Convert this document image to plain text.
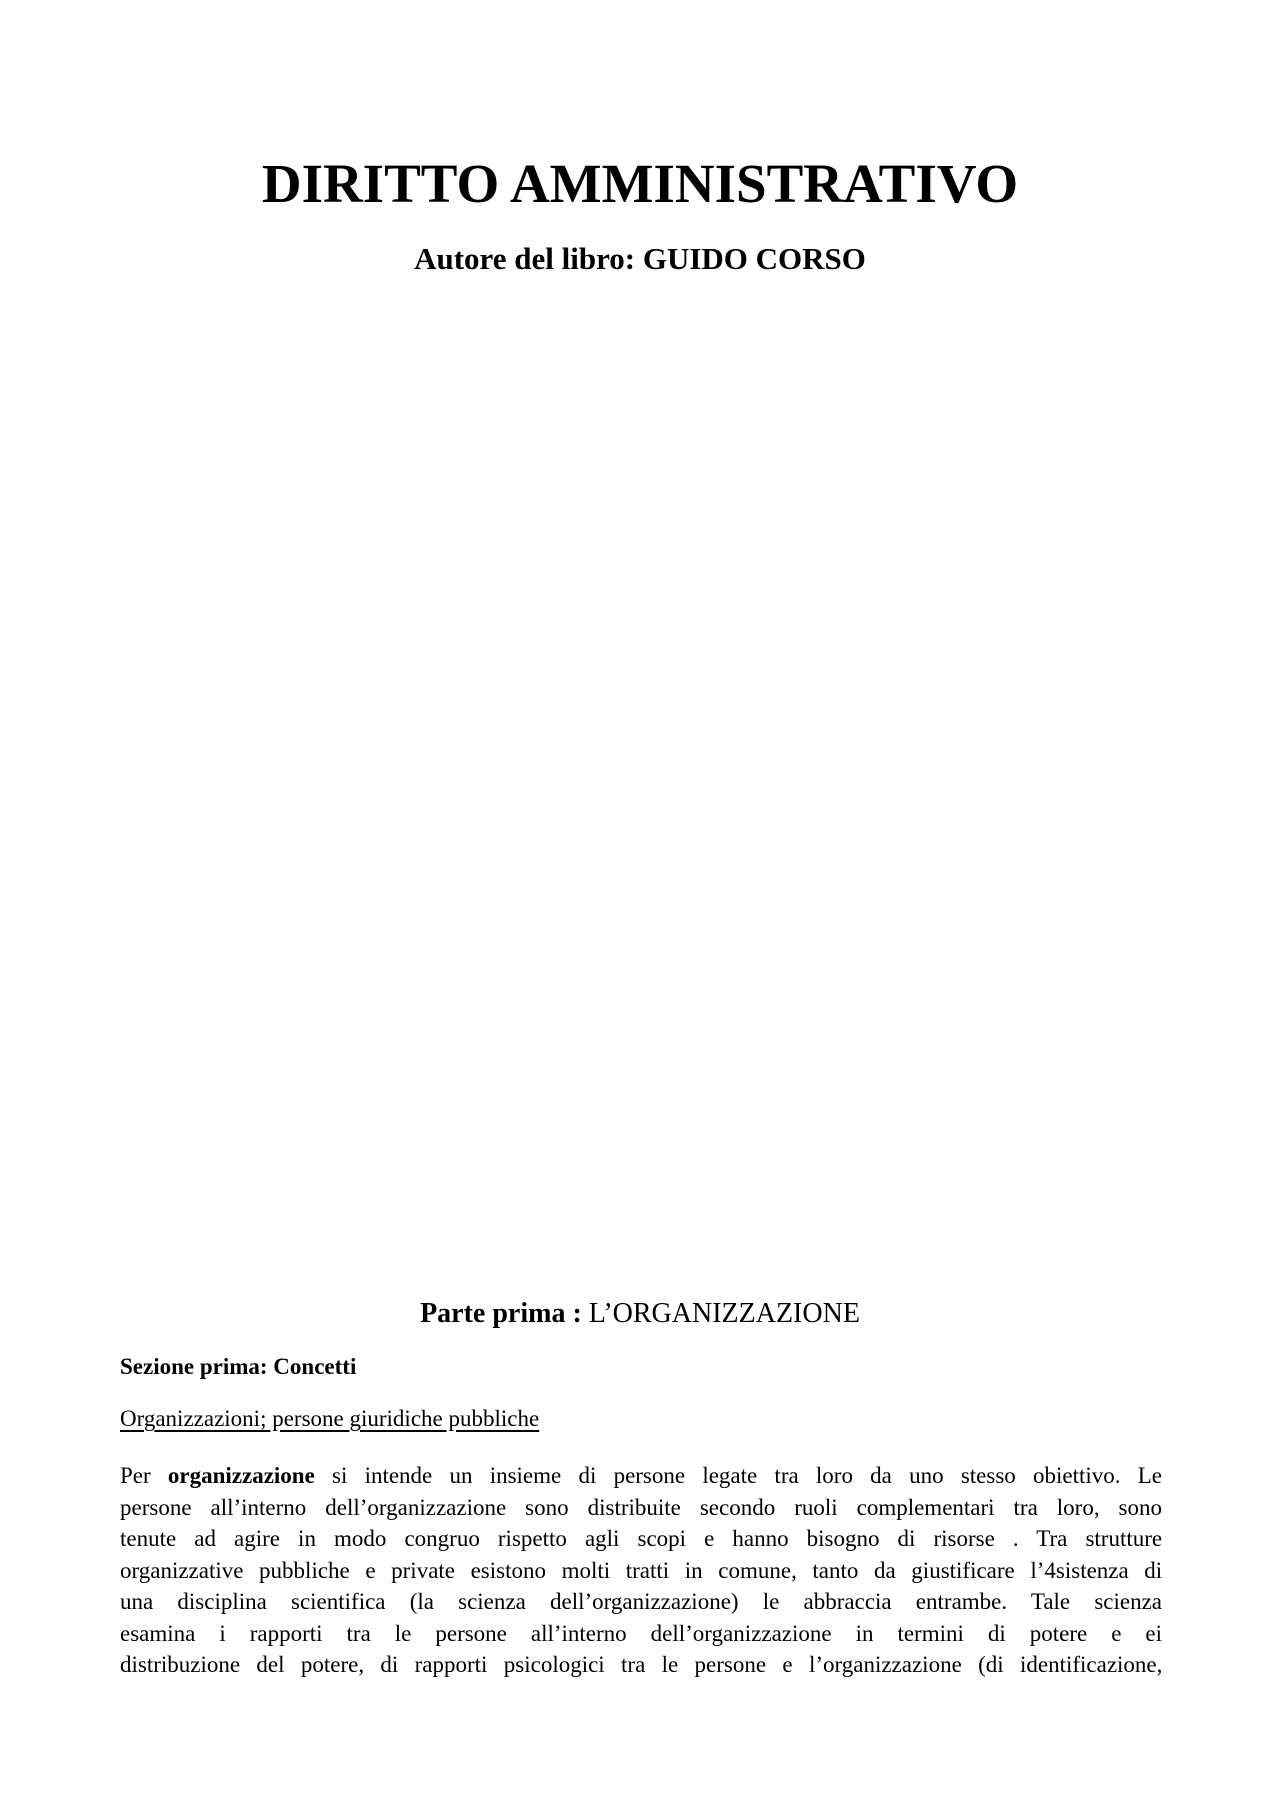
DIRITTO AMMINISTRATIVO
Autore del libro: GUIDO CORSO
Parte prima : L’ORGANIZZAZIONE
Sezione prima: Concetti
Organizzazioni; persone giuridiche pubbliche
Per organizzazione si intende un insieme di persone legate tra loro da uno stesso obiettivo. Le
persone all’interno dell’organizzazione sono distribuite secondo ruoli complementari tra loro, sono
tenute ad agire in modo congruo rispetto agli scopi e hanno bisogno di risorse . Tra strutture
organizzative pubbliche e private esistono molti tratti in comune, tanto da giustificare l’4sistenza di
una disciplina scientifica (la scienza dell’organizzazione) le abbraccia entrambe. Tale scienza
esamina i rapporti tra le persone all’interno dell’organizzazione in termini di potere e ei
distribuzione del potere, di rapporti psicologici tra le persone e l’organizzazione (di identificazione,
